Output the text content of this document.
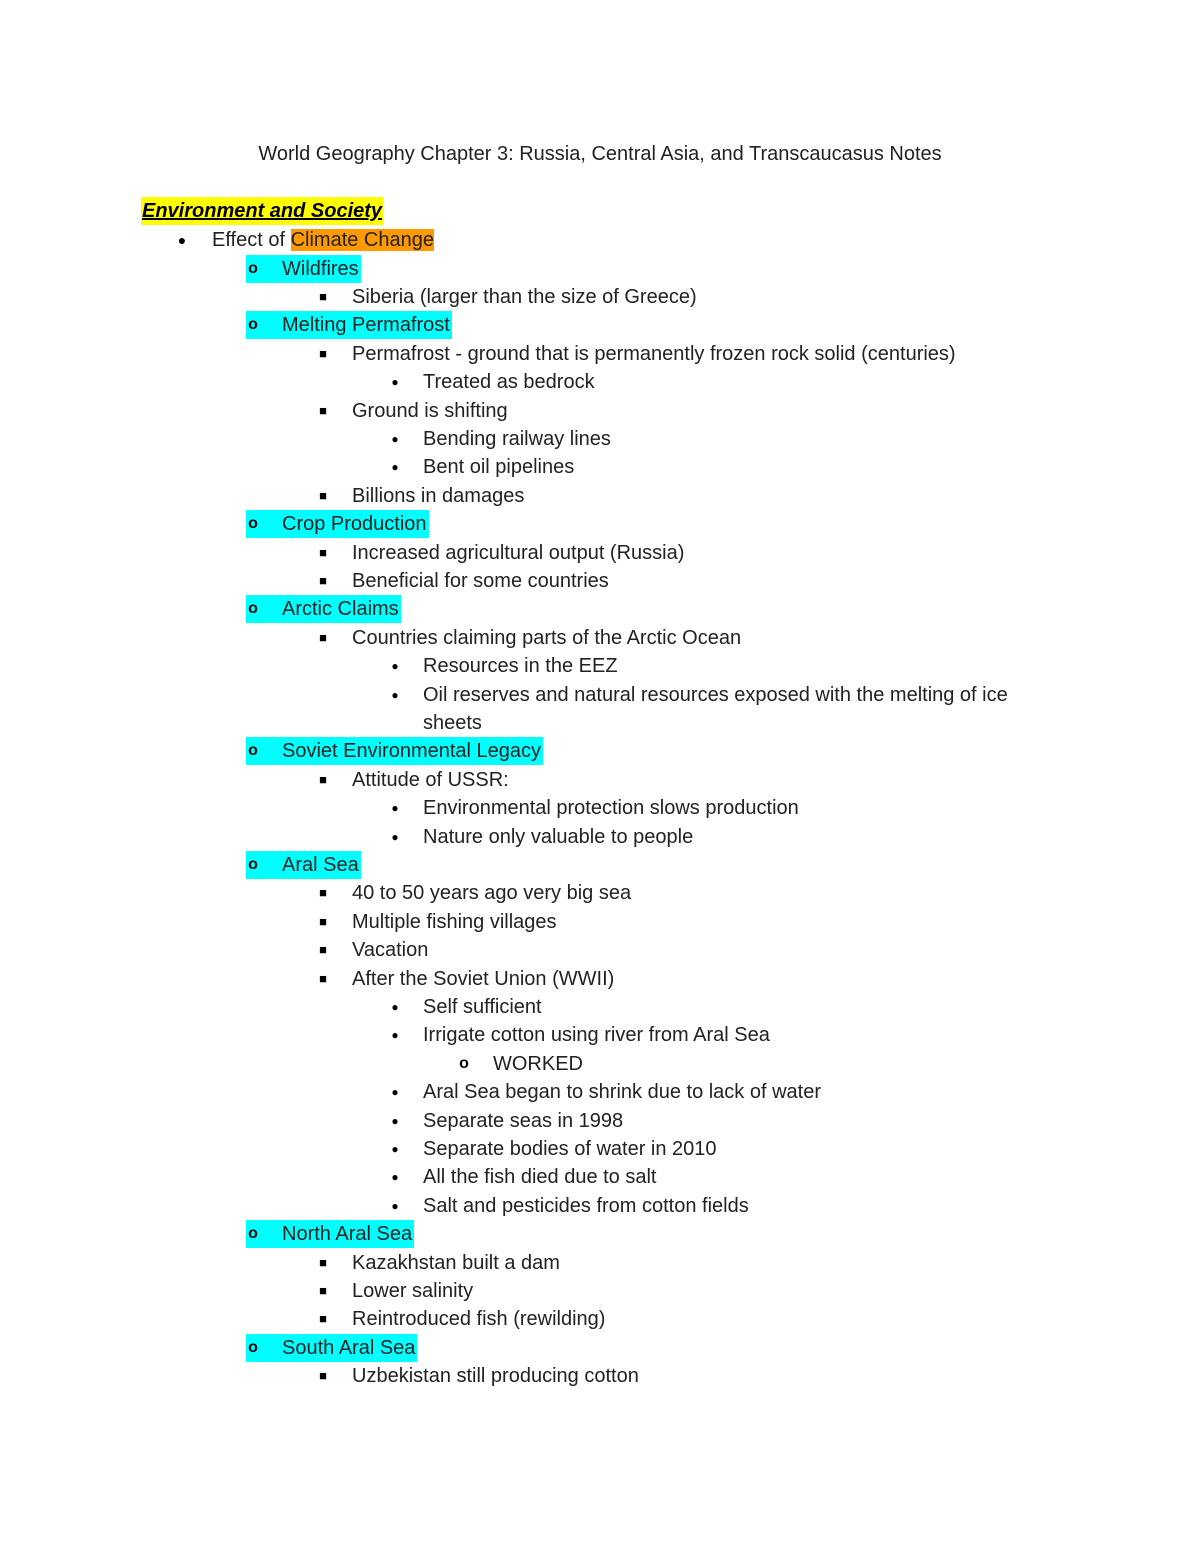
World Geography Chapter 3: Russia, Central Asia, and Transcaucasus Notes
Environment and Society
● Effect of Climate Change
o Wildfires
■	Siberia (larger than the size of Greece)
o Melting Permafrost
■	Permafrost - ground that is permanently frozen rock solid (centuries)
●	Treated as bedrock
■	Ground is shifting
●	Bending railway lines
●	Bent oil pipelines
■	Billions in damages
o Crop Production
■	Increased agricultural output (Russia)
■	Beneficial for some countries
o Arctic Claims
■	Countries claiming parts of the Arctic Ocean
●	Resources in the EEZ
●	Oil reserves and natural resources exposed with the melting of ice
sheets
o Soviet Environmental Legacy
■	Attitude of USSR:
●	Environmental protection slows production
●	Nature only valuable to people
o Aral Sea
■	40 to 50 years ago very big sea
■	Multiple fishing villages
■	Vacation
■	After the Soviet Union (WWII)
●	Self sufficient
●	Irrigate cotton using river from Aral Sea
o WORKED
●	Aral Sea began to shrink due to lack of water
●	Separate seas in 1998
●	Separate bodies of water in 2010
●	All the fish died due to salt
●	Salt and pesticides from cotton fields
o North Aral Sea
■	Kazakhstan built a dam
■	Lower salinity
■	Reintroduced fish (rewilding)
o South Aral Sea
■	Uzbekistan still producing cotton
